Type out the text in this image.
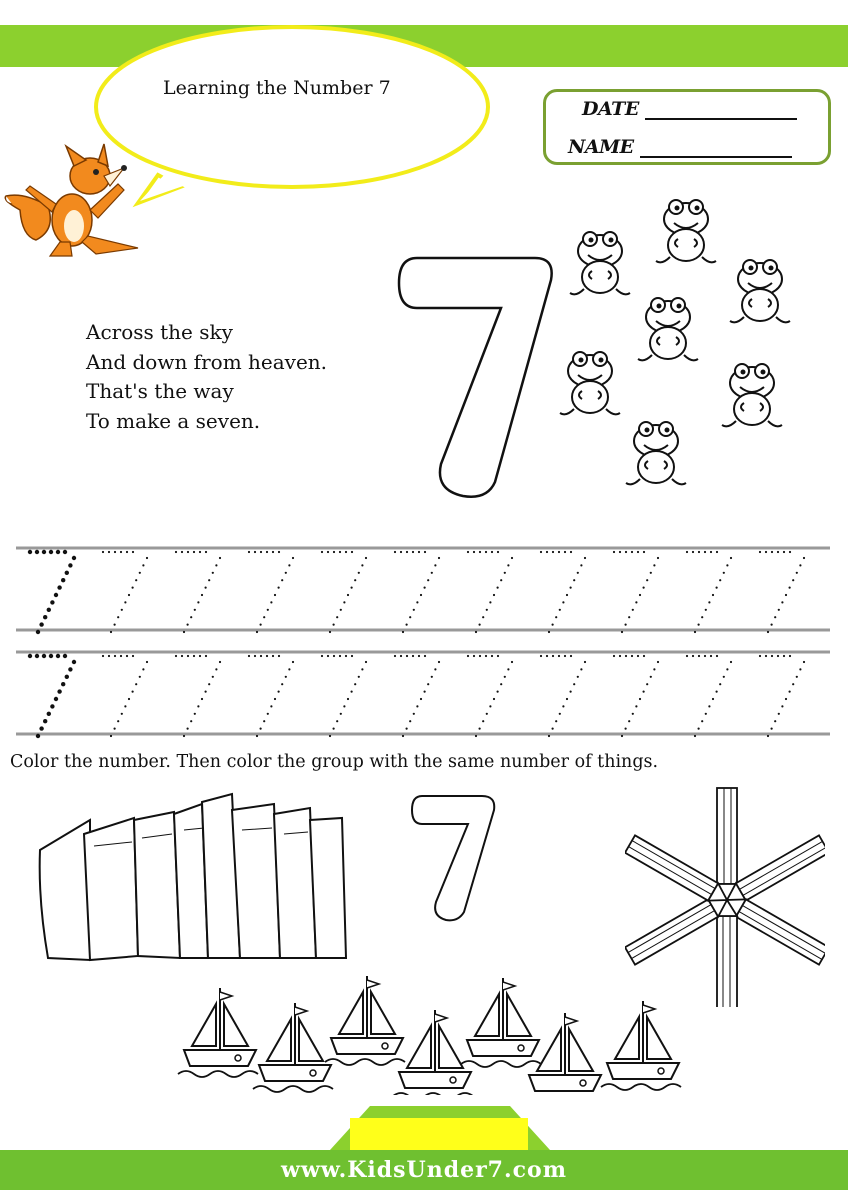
Learning the Number 7
DATE
NAME
Across the sky
And down from heaven.
That's the way
To make a seven.
Color the number. Then color the group with the same number of things.
www.KidsUnder7.com
